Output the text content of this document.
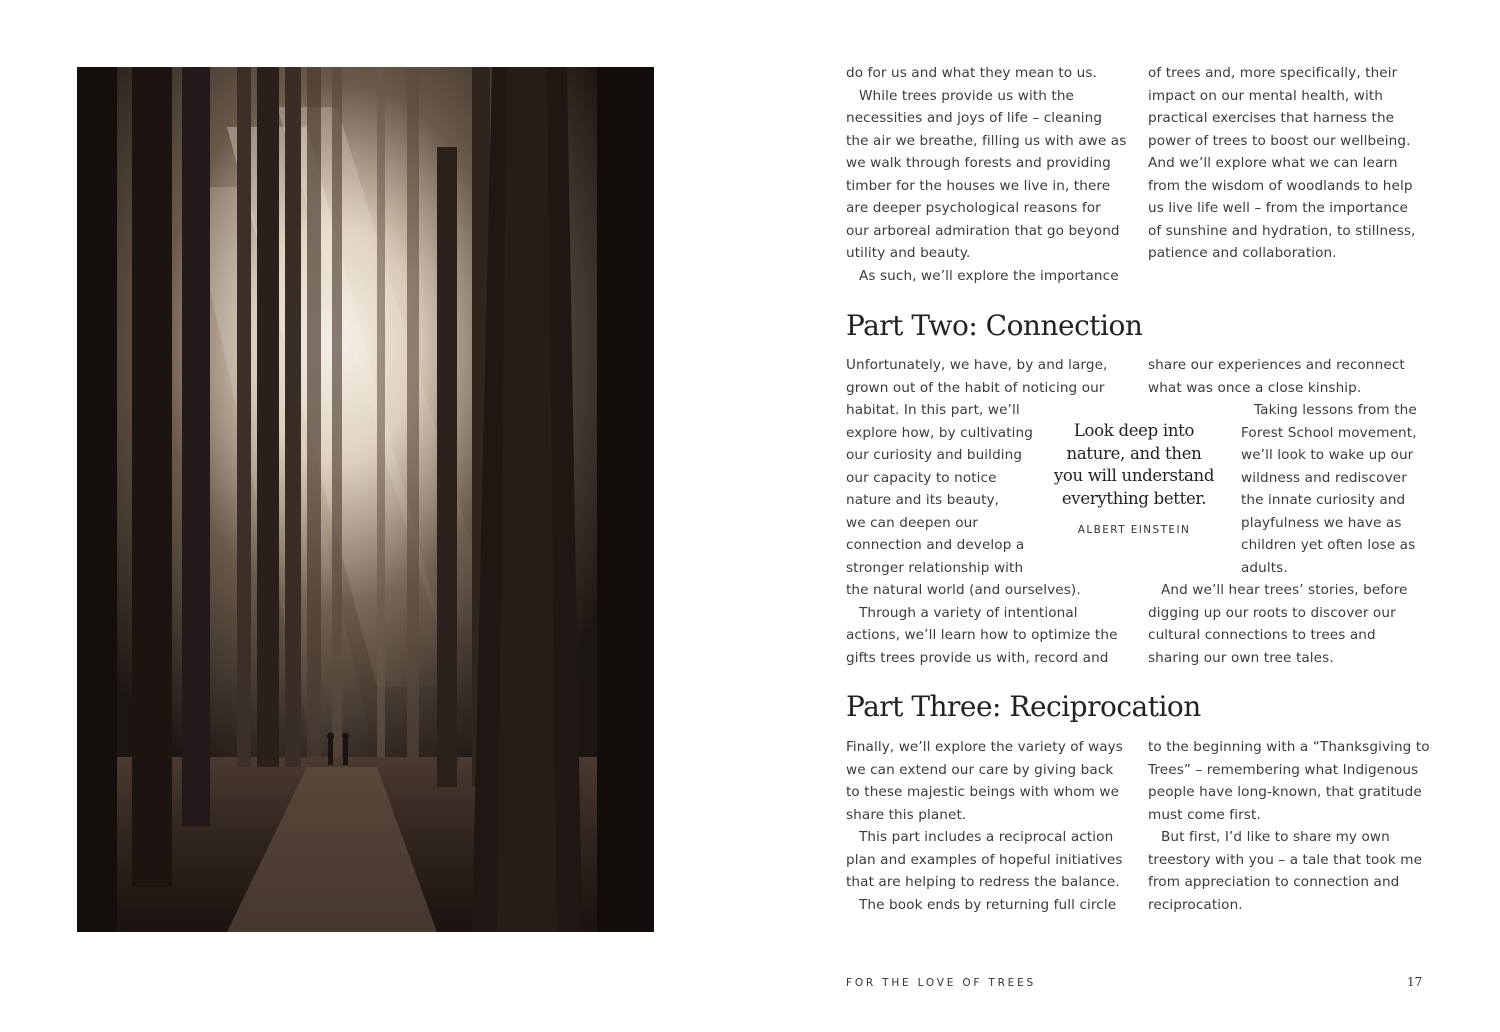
do for us and what they mean to us.

While trees provide us with the

necessities and joys of life – cleaning

the air we breathe, filling us with awe as

we walk through forests and providing

timber for the houses we live in, there

are deeper psychological reasons for

our arboreal admiration that go beyond

utility and beauty.

As such, we’ll explore the importance

of trees and, more specifically, their

impact on our mental health, with

practical exercises that harness the

power of trees to boost our wellbeing.

And we’ll explore what we can learn

from the wisdom of woodlands to help

us live life well – from the importance

of sunshine and hydration, to stillness,

patience and collaboration.

Part Two: Connection

Unfortunately, we have, by and large,

grown out of the habit of noticing our

share our experiences and reconnect

what was once a close kinship.

habitat. In this part, we’ll

explore how, by cultivating

our curiosity and building

our capacity to notice

nature and its beauty,

we can deepen our

connection and develop a

stronger relationship with

Look deep into
nature, and then
you will understand
everything better.
ALBERT EINSTEIN

Taking lessons from the

Forest School movement,

we’ll look to wake up our

wildness and rediscover

the innate curiosity and

playfulness we have as

children yet often lose as

adults.

the natural world (and ourselves).

Through a variety of intentional

actions, we’ll learn how to optimize the

gifts trees provide us with, record and

And we’ll hear trees’ stories, before

digging up our roots to discover our

cultural connections to trees and

sharing our own tree tales.

Part Three: Reciprocation

Finally, we’ll explore the variety of ways

we can extend our care by giving back

to these majestic beings with whom we

share this planet.

This part includes a reciprocal action

plan and examples of hopeful initiatives

that are helping to redress the balance.

The book ends by returning full circle

to the beginning with a “Thanksgiving to

Trees” – remembering what Indigenous

people have long-known, that gratitude

must come first.

But first, I’d like to share my own

treestory with you – a tale that took me

from appreciation to connection and

reciprocation.

FOR THE LOVE OF TREES	17
